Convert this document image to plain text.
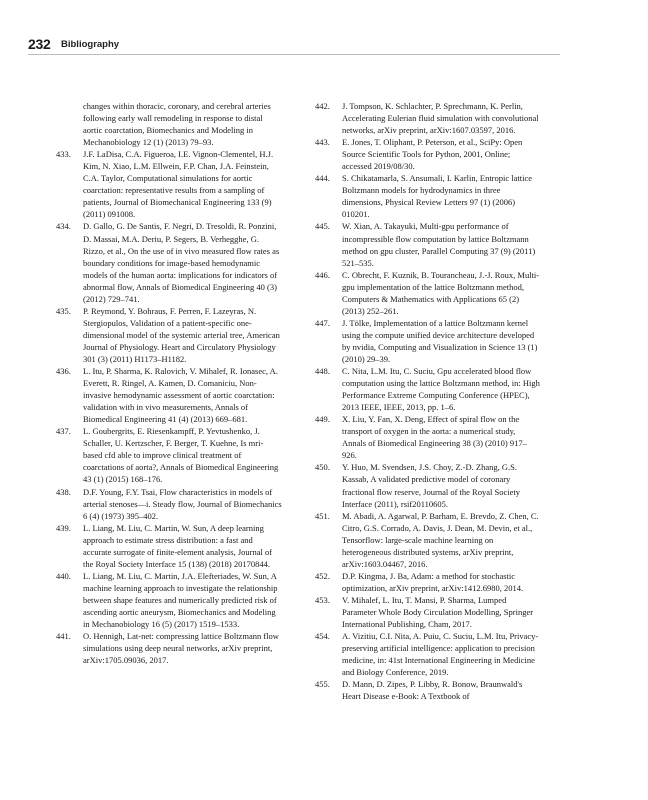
232 Bibliography
changes within thoracic, coronary, and cerebral arteries following early wall remodeling in response to distal aortic coarctation, Biomechanics and Modeling in Mechanobiology 12 (1) (2013) 79–93.
433. J.F. LaDisa, C.A. Figueroa, I.E. Vignon-Clementel, H.J. Kim, N. Xiao, L.M. Ellwein, F.P. Chan, J.A. Feinstein, C.A. Taylor, Computational simulations for aortic coarctation: representative results from a sampling of patients, Journal of Biomechanical Engineering 133 (9) (2011) 091008.
434. D. Gallo, G. De Santis, F. Negri, D. Tresoldi, R. Ponzini, D. Massai, M.A. Deriu, P. Segers, B. Verhegghe, G. Rizzo, et al., On the use of in vivo measured flow rates as boundary conditions for image-based hemodynamic models of the human aorta: implications for indicators of abnormal flow, Annals of Biomedical Engineering 40 (3) (2012) 729–741.
435. P. Reymond, Y. Bohraus, F. Perren, F. Lazeyras, N. Stergiopulos, Validation of a patient-specific one-dimensional model of the systemic arterial tree, American Journal of Physiology. Heart and Circulatory Physiology 301 (3) (2011) H1173–H1182.
436. L. Itu, P. Sharma, K. Ralovich, V. Mihalef, R. Ionasec, A. Everett, R. Ringel, A. Kamen, D. Comaniciu, Non-invasive hemodynamic assessment of aortic coarctation: validation with in vivo measurements, Annals of Biomedical Engineering 41 (4) (2013) 669–681.
437. L. Goubergrits, E. Riesenkampff, P. Yevtushenko, J. Schaller, U. Kertzscher, F. Berger, T. Kuehne, Is mri-based cfd able to improve clinical treatment of coarctations of aorta?, Annals of Biomedical Engineering 43 (1) (2015) 168–176.
438. D.F. Young, F.Y. Tsai, Flow characteristics in models of arterial stenoses—i. Steady flow, Journal of Biomechanics 6 (4) (1973) 395–402.
439. L. Liang, M. Liu, C. Martin, W. Sun, A deep learning approach to estimate stress distribution: a fast and accurate surrogate of finite-element analysis, Journal of the Royal Society Interface 15 (138) (2018) 20170844.
440. L. Liang, M. Liu, C. Martin, J.A. Elefteriades, W. Sun, A machine learning approach to investigate the relationship between shape features and numerically predicted risk of ascending aortic aneurysm, Biomechanics and Modeling in Mechanobiology 16 (5) (2017) 1519–1533.
441. O. Hennigh, Lat-net: compressing lattice Boltzmann flow simulations using deep neural networks, arXiv preprint, arXiv:1705.09036, 2017.
442. J. Tompson, K. Schlachter, P. Sprechmann, K. Perlin, Accelerating Eulerian fluid simulation with convolutional networks, arXiv preprint, arXiv:1607.03597, 2016.
443. E. Jones, T. Oliphant, P. Peterson, et al., SciPy: Open Source Scientific Tools for Python, 2001, Online; accessed 2019/08/30.
444. S. Chikatamarla, S. Ansumali, I. Karlin, Entropic lattice Boltzmann models for hydrodynamics in three dimensions, Physical Review Letters 97 (1) (2006) 010201.
445. W. Xian, A. Takayuki, Multi-gpu performance of incompressible flow computation by lattice Boltzmann method on gpu cluster, Parallel Computing 37 (9) (2011) 521–535.
446. C. Obrecht, F. Kuznik, B. Tourancheau, J.-J. Roux, Multi-gpu implementation of the lattice Boltzmann method, Computers & Mathematics with Applications 65 (2) (2013) 252–261.
447. J. Tölke, Implementation of a lattice Boltzmann kernel using the compute unified device architecture developed by nvidia, Computing and Visualization in Science 13 (1) (2010) 29–39.
448. C. Nita, L.M. Itu, C. Suciu, Gpu accelerated blood flow computation using the lattice Boltzmann method, in: High Performance Extreme Computing Conference (HPEC), 2013 IEEE, IEEE, 2013, pp. 1–6.
449. X. Liu, Y. Fan, X. Deng, Effect of spiral flow on the transport of oxygen in the aorta: a numerical study, Annals of Biomedical Engineering 38 (3) (2010) 917–926.
450. Y. Huo, M. Svendsen, J.S. Choy, Z.-D. Zhang, G.S. Kassab, A validated predictive model of coronary fractional flow reserve, Journal of the Royal Society Interface (2011), rsif20110605.
451. M. Abadi, A. Agarwal, P. Barham, E. Brevdo, Z. Chen, C. Citro, G.S. Corrado, A. Davis, J. Dean, M. Devin, et al., Tensorflow: large-scale machine learning on heterogeneous distributed systems, arXiv preprint, arXiv:1603.04467, 2016.
452. D.P. Kingma, J. Ba, Adam: a method for stochastic optimization, arXiv preprint, arXiv:1412.6980, 2014.
453. V. Mihalef, L. Itu, T. Mansi, P. Sharma, Lumped Parameter Whole Body Circulation Modelling, Springer International Publishing, Cham, 2017.
454. A. Vizitiu, C.I. Nita, A. Puiu, C. Suciu, L.M. Itu, Privacy-preserving artificial intelligence: application to precision medicine, in: 41st International Engineering in Medicine and Biology Conference, 2019.
455. D. Mann, D. Zipes, P. Libby, R. Bonow, Braunwald's Heart Disease e-Book: A Textbook of
